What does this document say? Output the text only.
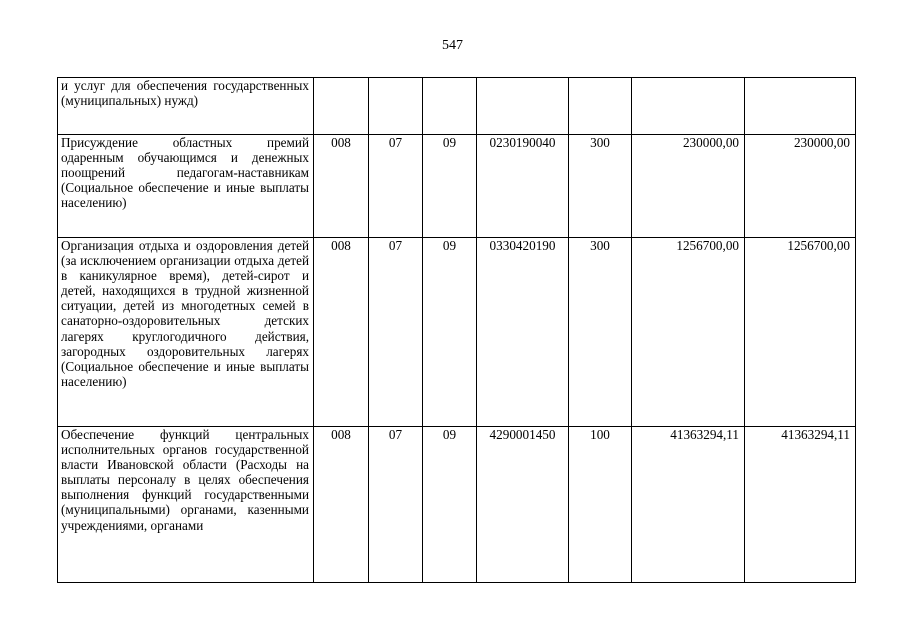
547
и услуг для обеспечения государственных (муниципальных) нужд)							
Присуждение областных премий одаренным обучающимся и денежных поощрений педагогам-наставникам (Социальное обеспечение и иные выплаты населению)	008	07	09	0230190040	300	230000,00	230000,00
Организация отдыха и оздоровления детей (за исключением организации отдыха детей в каникулярное время), детей-сирот и детей, находящихся в трудной жизненной ситуации, детей из многодетных семей в санаторно-оздоровительных детских лагерях круглогодичного действия, загородных оздоровительных лагерях (Социальное обеспечение и иные выплаты населению)	008	07	09	0330420190	300	1256700,00	1256700,00
Обеспечение функций центральных исполнительных органов государственной власти Ивановской области (Расходы на выплаты персоналу в целях обеспечения выполнения функций государственными (муниципальными) органами, казенными учреждениями, органами	008	07	09	4290001450	100	41363294,11	41363294,11
